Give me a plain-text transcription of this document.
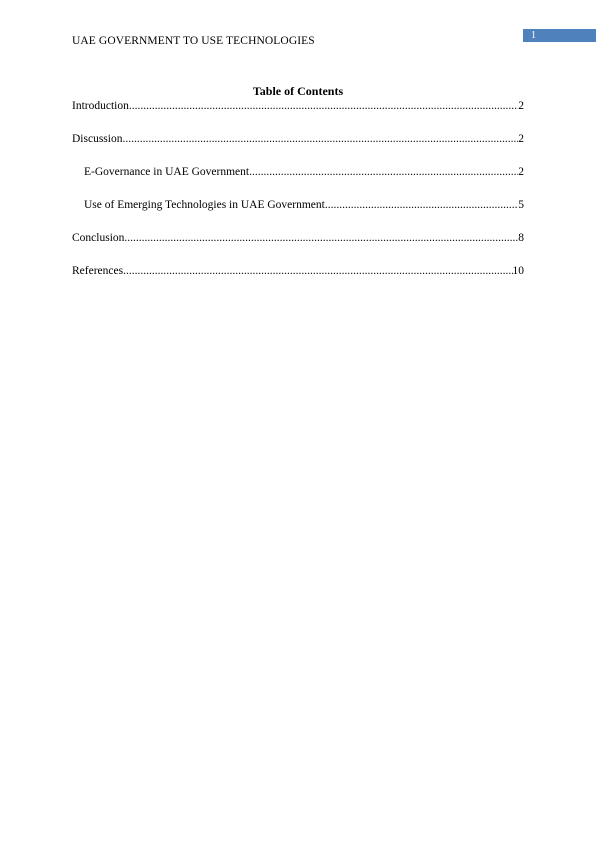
UAE GOVERNMENT TO USE TECHNOLOGIES	1
Table of Contents
Introduction .....	2
Discussion .....	2
E-Governance in UAE Government .....	2
Use of Emerging Technologies in UAE Government .....	5
Conclusion .....	8
References .....	10
